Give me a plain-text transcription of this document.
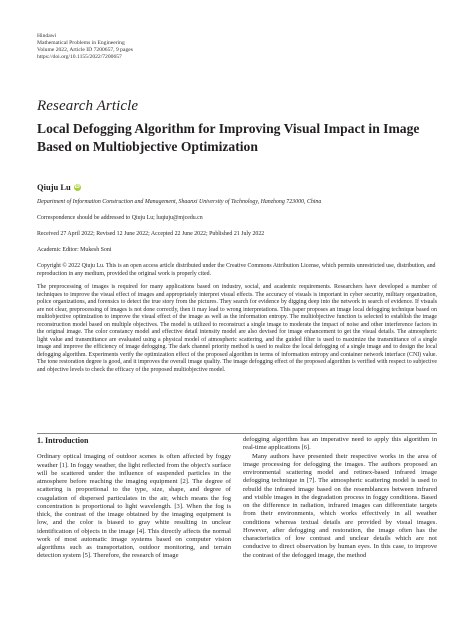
Hindawi
Mathematical Problems in Engineering
Volume 2022, Article ID 7200657, 9 pages
https://doi.org/10.1155/2022/7200657
Research Article
Local Defogging Algorithm for Improving Visual Impact in Image Based on Multiobjective Optimization
Qiuju Lu iD
Department of Information Construction and Management, Shaanxi University of Technology, Hanzhong 723000, China
Correspondence should be addressed to Qiuju Lu; luqiuju@mjcedu.cn
Received 27 April 2022; Revised 12 June 2022; Accepted 22 June 2022; Published 21 July 2022
Academic Editor: Mukesh Soni
Copyright © 2022 Qiuju Lu. This is an open access article distributed under the Creative Commons Attribution License, which permits unrestricted use, distribution, and reproduction in any medium, provided the original work is properly cited.
The preprocessing of images is required for many applications based on industry, social, and academic requirements. Researchers have developed a number of techniques to improve the visual effect of images and appropriately interpret visual effects. The accuracy of visuals is important in cyber security, military organization, police organizations, and forensics to detect the true story from the pictures. They search for evidence by digging deep into the network in search of evidence. If visuals are not clear, preprocessing of images is not done correctly, then it may lead to wrong interpretations. This paper proposes an image local defogging technique based on multiobjective optimization to improve the visual effect of the image as well as the information entropy. The multiobjective function is selected to establish the image reconstruction model based on multiple objectives. The model is utilized to reconstruct a single image to moderate the impact of noise and other interference factors in the original image. The color constancy model and effective detail intensity model are also devised for image enhancement to get the visual details. The atmospheric light value and transmittance are evaluated using a physical model of atmospheric scattering, and the guided filter is used to maximize the transmittance of a single image and improve the efficiency of image defogging. The dark channel priority method is used to realize the local defogging of a single image and to design the local defogging algorithm. Experiments verify the optimization effect of the proposed algorithm in terms of information entropy and container network interface (CNI) value. The tone restoration degree is good, and it improves the overall image quality. The image defogging effect of the proposed algorithm is verified with respect to subjective and objective levels to check the efficacy of the proposed multiobjective model.
1. Introduction

Ordinary optical imaging of outdoor scenes is often affected by foggy weather [1]. In foggy weather, the light reflected from the object's surface will be scattered under the influence of suspended particles in the atmosphere before reaching the imaging equipment [2]. The degree of scattering is proportional to the type, size, shape, and degree of coagulation of dispersed particulates in the air, which means the fog concentration is proportional to light wavelength. [3]. When the fog is thick, the contrast of the image obtained by the imaging equipment is low, and the color is biased to gray white resulting in unclear identification of objects in the image [4]. This directly affects the normal work of most automatic image systems based on computer vision algorithms such as transportation, outdoor monitoring, and terrain detection system [5]. Therefore, the research of image

defogging algorithm has an imperative need to apply this algorithm in real-time applications [6].

Many authors have presented their respective works in the area of image processing for defogging the images. The authors proposed an environmental scattering model and retinex-based infrared image defogging technique in [7]. The atmospheric scattering model is used to rebuild the infrared image based on the resemblances between infrared and visible images in the degradation process in foggy conditions. Based on the difference in radiation, infrared images can differentiate targets from their environments, which works effectively in all weather conditions whereas textual details are provided by visual images. However, after defogging and restoration, the image often has the characteristics of low contrast and unclear details which are not conducive to direct observation by human eyes. In this case, to improve the contrast of the defogged image, the method
